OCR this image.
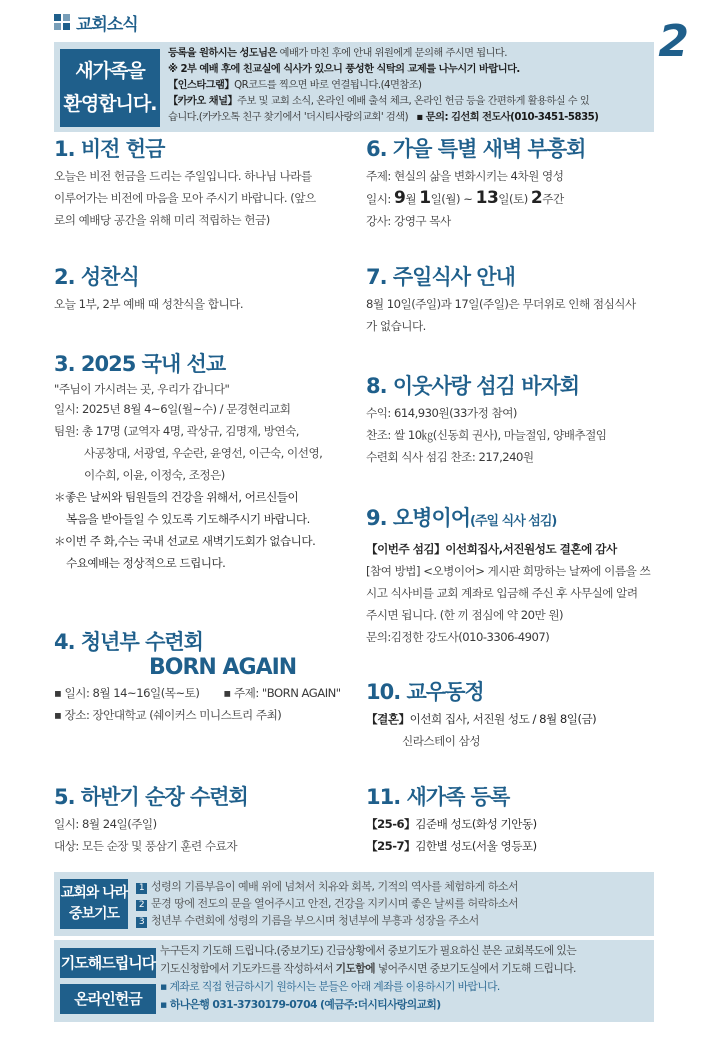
교회소식	2
새가족을
환영합니다.
등록을 원하시는 성도님은 예배가 마친 후에 안내 위원에게 문의해 주시면 됩니다.
※ 2부 예배 후에 친교실에 식사가 있으니 풍성한 식탁의 교제를 나누시기 바랍니다.
【인스타그램】QR코드를 찍으면 바로 연결됩니다.(4면참조)
【카카오 채널】주보 및 교회 소식, 온라인 예배 출석 체크, 온라인 헌금 등을 간편하게 활용하실 수 있
습니다.(카카오톡 친구 찾기에서 '더시티사랑의교회' 검색) ▪ 문의: 김선희 전도사(010-3451-5835)
1. 비전 헌금

오늘은 비전 헌금을 드리는 주일입니다. 하나님 나라를

이루어가는 비전에 마음을 모아 주시기 바랍니다. (앞으

로의 예배당 공간을 위해 미리 적립하는 헌금)

2. 성찬식

오늘 1부, 2부 예배 때 성찬식을 합니다.

3. 2025 국내 선교

"주님이 가시려는 곳, 우리가 갑니다"

일시: 2025년 8월 4~6일(월~수) / 문경현리교회

팀원: 총 17명 (교역자 4명, 곽상규, 김명재, 방연숙,

사공창대, 서광열, 우순란, 윤영선, 이근숙, 이선영,

이수희, 이윤, 이정숙, 조정은)

＊좋은 날씨와 팀원들의 건강을 위해서, 어르신들이

복음을 받아들일 수 있도록 기도해주시기 바랍니다.

＊이번 주 화,수는 국내 선교로 새벽기도회가 없습니다.

수요예배는 정상적으로 드립니다.

4. 청년부 수련회
BORN AGAIN

▪ 일시: 8월 14~16일(목~토)

▪	주제: "BORN AGAIN"

▪ 장소: 장안대학교 (쉐이커스 미니스트리 주최)

5. 하반기 순장 수련회

일시: 8월 24일(주일)

대상: 모든 순장 및 풍삼기 훈련 수료자

6. 가을 특별 새벽 부흥회

주제: 현실의 삶을 변화시키는 4차원 영성

일시: 9월 1일(월) ~ 13일(토) 2주간

강사: 강영구 목사

7. 주일식사 안내

8월 10일(주일)과 17일(주일)은 무더위로 인해 점심식사

가 없습니다.

8. 이웃사랑 섬김 바자회

수익: 614,930원(33가정 참여)

찬조: 쌀 10㎏(신동희 권사), 마늘절임, 양배추절임

수련회 식사 섬김 찬조: 217,240원

9. 오병이어(주일 식사 섬김)

【이번주 섬김】이선희집사,서진원성도 결혼에 감사

[참여 방법] <오병이어> 게시판 희망하는 날짜에 이름을 쓰

시고 식사비를 교회 계좌로 입금해 주신 후 사무실에 알려

주시면 됩니다. (한 끼 점심에 약 20만 원)

문의:김정한 강도사(010-3306-4907)

10. 교우동정

【결혼】이선희 집사, 서진원 성도 / 8월 8일(금)

신라스테이 삼성

11. 새가족 등록

【25-6】김준배 성도(화성 기안동)

【25-7】김한별 성도(서울 영등포)

교회와 나라
중보기도
1 성령의 기름부음이 예배 위에 넘쳐서 치유와 회복, 기적의 역사를 체험하게 하소서
2 문경 땅에 전도의 문을 열어주시고 안전, 건강을 지키시며 좋은 날씨를 허락하소서
3 청년부 수련회에 성령의 기름을 부으시며 청년부에 부흥과 성장을 주소서
기도해드립니다
온라인헌금
누구든지 기도해 드립니다.(중보기도) 긴급상황에서 중보기도가 필요하신 분은 교회복도에 있는
기도신청함에서 기도카드를 작성하셔서 기도함에 넣어주시면 중보기도실에서 기도해 드립니다.
▪ 계좌로 직접 헌금하시기 원하시는 분들은 아래 계좌를 이용하시기 바랍니다.
▪ 하나은행 031-3730179-0704 (예금주:더시티사랑의교회)
